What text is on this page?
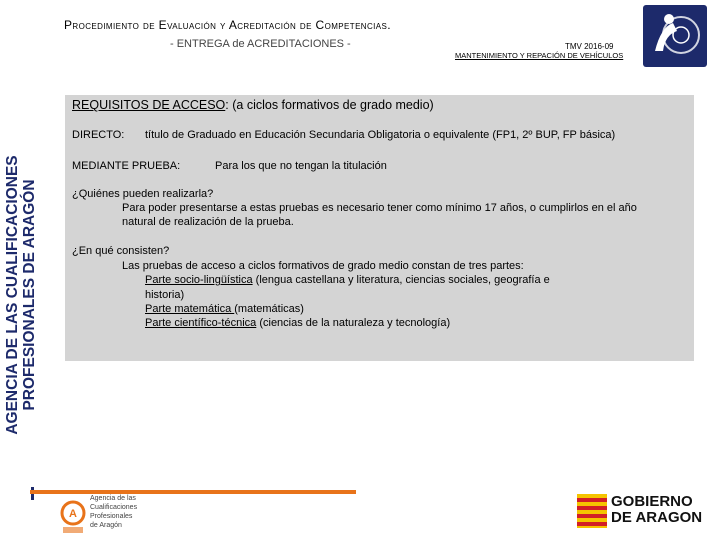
Procedimiento de Evaluación y Acreditación de Competencias.
- ENTREGA de ACREDITACIONES -	TMV 2016-09
MANTENIMIENTO Y REPACIÓN DE VEHÍCULOS
AGENCIA DE LAS CUALIFICACIONES PROFESIONALES DE ARAGÓN
REQUISITOS DE ACCESO: (a ciclos formativos de grado medio)
DIRECTO: título de Graduado en Educación Secundaria Obligatoria o equivalente (FP1, 2º BUP, FP básica)
MEDIANTE PRUEBA:	Para los que no tengan la titulación
¿Quiénes pueden realizarla?
Para poder presentarse a estas pruebas es necesario tener como mínimo 17 años, o cumplirlos en el año
natural de realización de la prueba.
¿En qué consisten?
Las pruebas de acceso a ciclos formativos de grado medio constan de tres partes:
Parte socio-lingüística (lengua castellana y literatura, ciencias sociales, geografía e
historia)
Parte matemática (matemáticas)
Parte científico-técnica (ciencias de la naturaleza y tecnología)
A
Agencia de las
Cualificaciones
Profesionales
de Aragón
GOBIERNO
DE ARAGON
